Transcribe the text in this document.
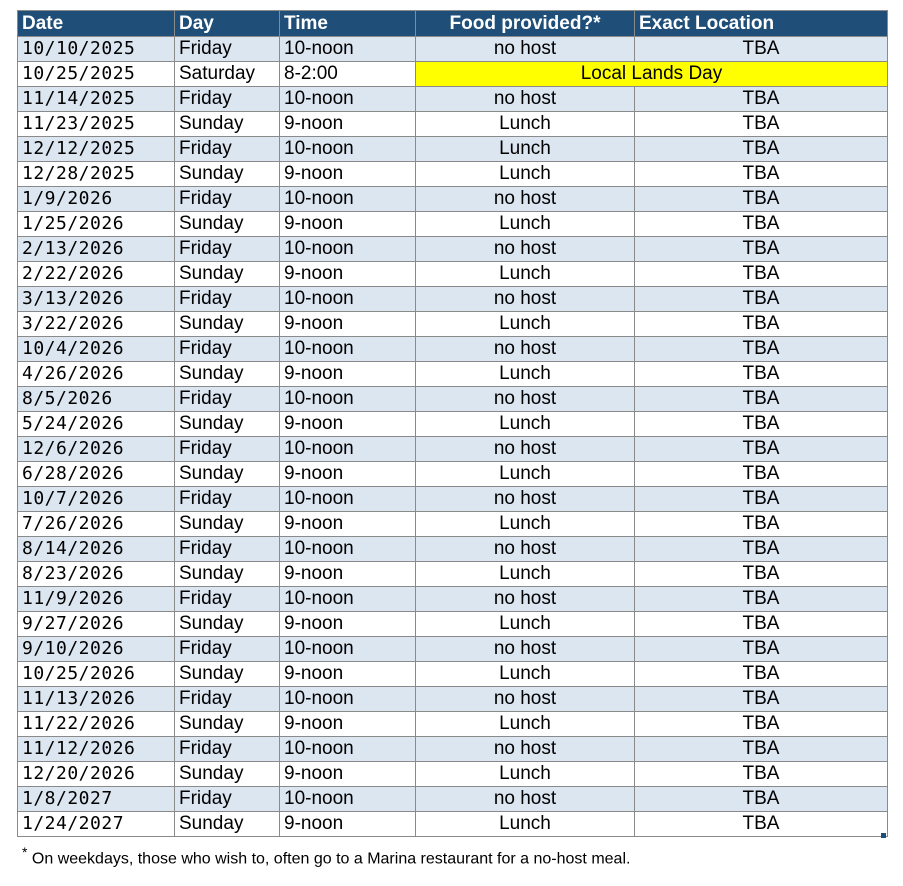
Date	Day	Time	Food provided?*	Exact Location
10/10/2025	Friday	10-noon	no host	TBA
10/25/2025	Saturday	8-2:00	Local Lands Day	
11/14/2025	Friday	10-noon	no host	TBA
11/23/2025	Sunday	9-noon	Lunch	TBA
12/12/2025	Friday	10-noon	Lunch	TBA
12/28/2025	Sunday	9-noon	Lunch	TBA
1/9/2026	Friday	10-noon	no host	TBA
1/25/2026	Sunday	9-noon	Lunch	TBA
2/13/2026	Friday	10-noon	no host	TBA
2/22/2026	Sunday	9-noon	Lunch	TBA
3/13/2026	Friday	10-noon	no host	TBA
3/22/2026	Sunday	9-noon	Lunch	TBA
10/4/2026	Friday	10-noon	no host	TBA
4/26/2026	Sunday	9-noon	Lunch	TBA
8/5/2026	Friday	10-noon	no host	TBA
5/24/2026	Sunday	9-noon	Lunch	TBA
12/6/2026	Friday	10-noon	no host	TBA
6/28/2026	Sunday	9-noon	Lunch	TBA
10/7/2026	Friday	10-noon	no host	TBA
7/26/2026	Sunday	9-noon	Lunch	TBA
8/14/2026	Friday	10-noon	no host	TBA
8/23/2026	Sunday	9-noon	Lunch	TBA
11/9/2026	Friday	10-noon	no host	TBA
9/27/2026	Sunday	9-noon	Lunch	TBA
9/10/2026	Friday	10-noon	no host	TBA
10/25/2026	Sunday	9-noon	Lunch	TBA
11/13/2026	Friday	10-noon	no host	TBA
11/22/2026	Sunday	9-noon	Lunch	TBA
11/12/2026	Friday	10-noon	no host	TBA
12/20/2026	Sunday	9-noon	Lunch	TBA
1/8/2027	Friday	10-noon	no host	TBA
1/24/2027	Sunday	9-noon	Lunch	TBA
* On weekdays, those who wish to, often go to a Marina restaurant for a no-host meal.
